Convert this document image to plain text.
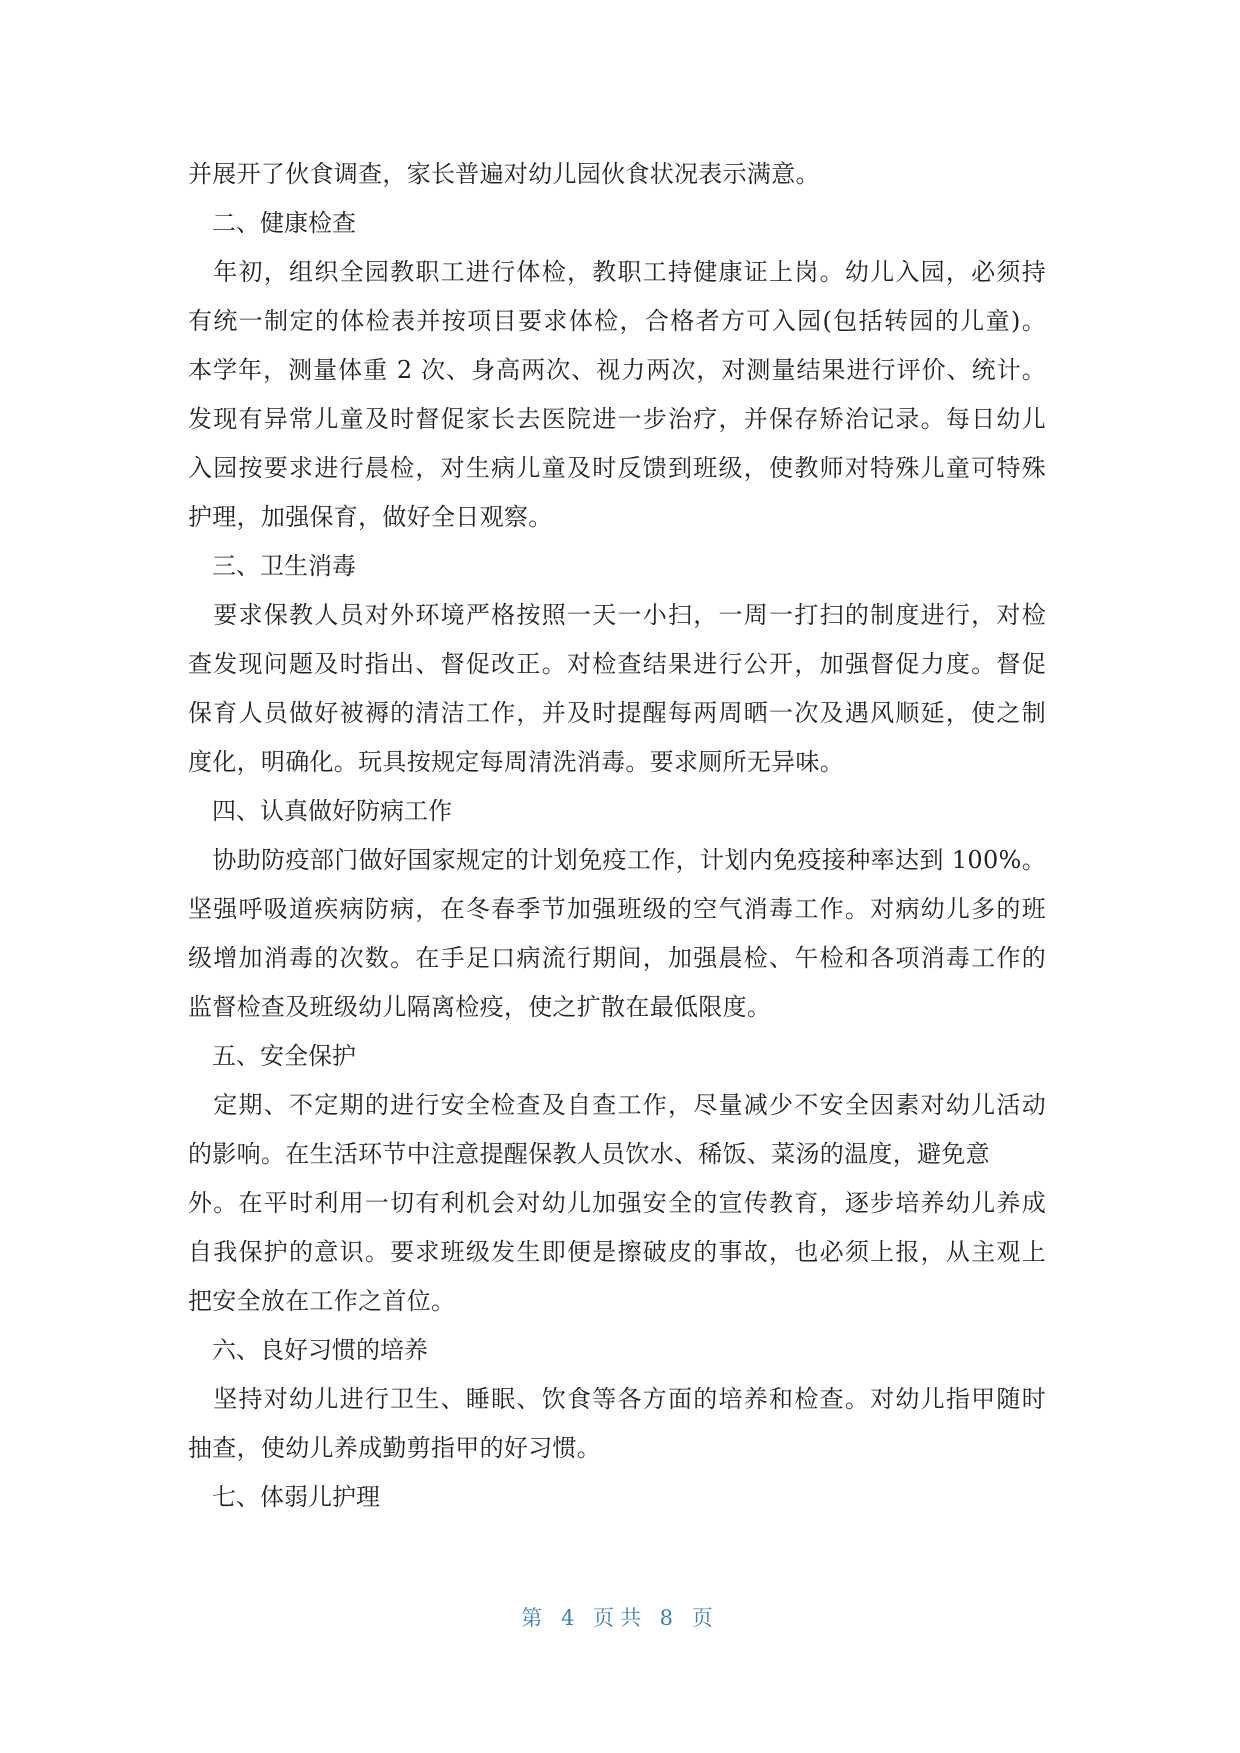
并展开了伙食调查，家长普遍对幼儿园伙食状况表示满意。
二、健康检查
　年初，组织全园教职工进行体检，教职工持健康证上岗。幼儿入园，必须持
有统一制定的体检表并按项目要求体检，合格者方可入园(包括转园的儿童)。
本学年，测量体重 2 次、身高两次、视力两次，对测量结果进行评价、统计。
发现有异常儿童及时督促家长去医院进一步治疗，并保存矫治记录。每日幼儿
入园按要求进行晨检，对生病儿童及时反馈到班级，使教师对特殊儿童可特殊
护理，加强保育，做好全日观察。
三、卫生消毒
　要求保教人员对外环境严格按照一天一小扫，一周一打扫的制度进行，对检
查发现问题及时指出、督促改正。对检查结果进行公开，加强督促力度。督促
保育人员做好被褥的清洁工作，并及时提醒每两周晒一次及遇风顺延，使之制
度化，明确化。玩具按规定每周清洗消毒。要求厕所无异味。
四、认真做好防病工作
　协助防疫部门做好国家规定的计划免疫工作，计划内免疫接种率达到 100%。
坚强呼吸道疾病防病，在冬春季节加强班级的空气消毒工作。对病幼儿多的班
级增加消毒的次数。在手足口病流行期间，加强晨检、午检和各项消毒工作的
监督检查及班级幼儿隔离检疫，使之扩散在最低限度。
五、安全保护
　定期、不定期的进行安全检查及自查工作，尽量减少不安全因素对幼儿活动
的影响。在生活环节中注意提醒保教人员饮水、稀饭、菜汤的温度，避免意
外。在平时利用一切有利机会对幼儿加强安全的宣传教育，逐步培养幼儿养成
自我保护的意识。要求班级发生即便是擦破皮的事故，也必须上报，从主观上
把安全放在工作之首位。
六、良好习惯的培养
　坚持对幼儿进行卫生、睡眠、饮食等各方面的培养和检查。对幼儿指甲随时
抽查，使幼儿养成勤剪指甲的好习惯。
七、体弱儿护理
第 4 页共 8 页
